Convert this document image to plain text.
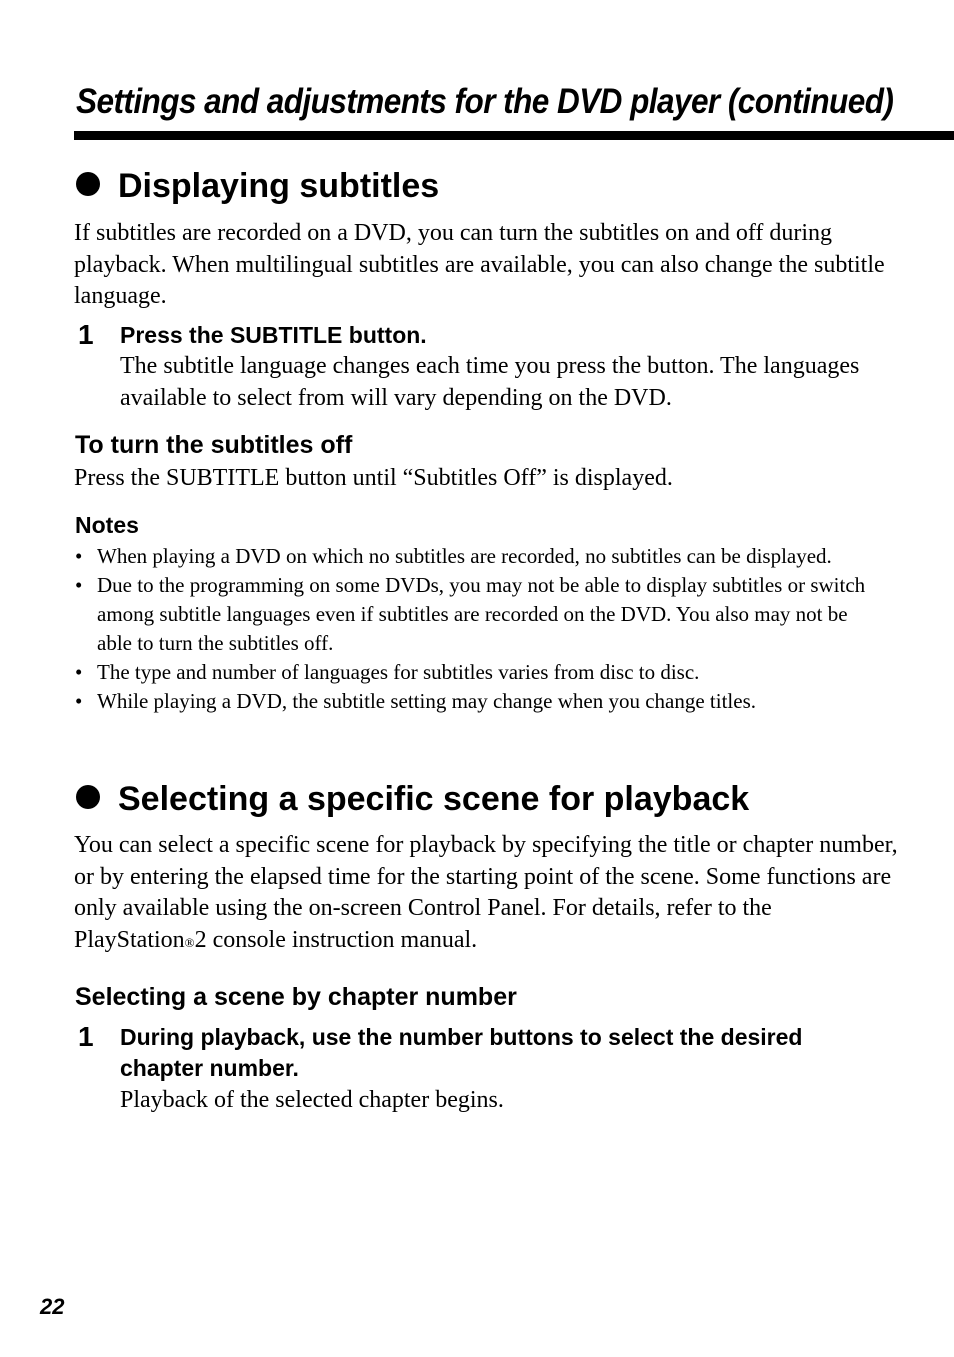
Settings and adjustments for the DVD player (continued)
Displaying subtitles

If subtitles are recorded on a DVD, you can turn the subtitles on and off during playback. When multilingual subtitles are available, you can also change the subtitle language.

1 Press the SUBTITLE button.

The subtitle language changes each time you press the button. The languages available to select from will vary depending on the DVD.

To turn the subtitles off

Press the SUBTITLE button until “Subtitles Off” is displayed.

Notes
• When playing a DVD on which no subtitles are recorded, no subtitles can be displayed.
• Due to the programming on some DVDs, you may not be able to display subtitles or switch among subtitle languages even if subtitles are recorded on the DVD. You also may not be able to turn the subtitles off.
• The type and number of languages for subtitles varies from disc to disc.
• While playing a DVD, the subtitle setting may change when you change titles.
Selecting a specific scene for playback

You can select a specific scene for playback by specifying the title or chapter number, or by entering the elapsed time for the starting point of the scene. Some functions are only available using the on-screen Control Panel. For details, refer to the PlayStation®2 console instruction manual.

Selecting a scene by chapter number
1 During playback, use the number buttons to select the desired chapter number.

Playback of the selected chapter begins.

22
